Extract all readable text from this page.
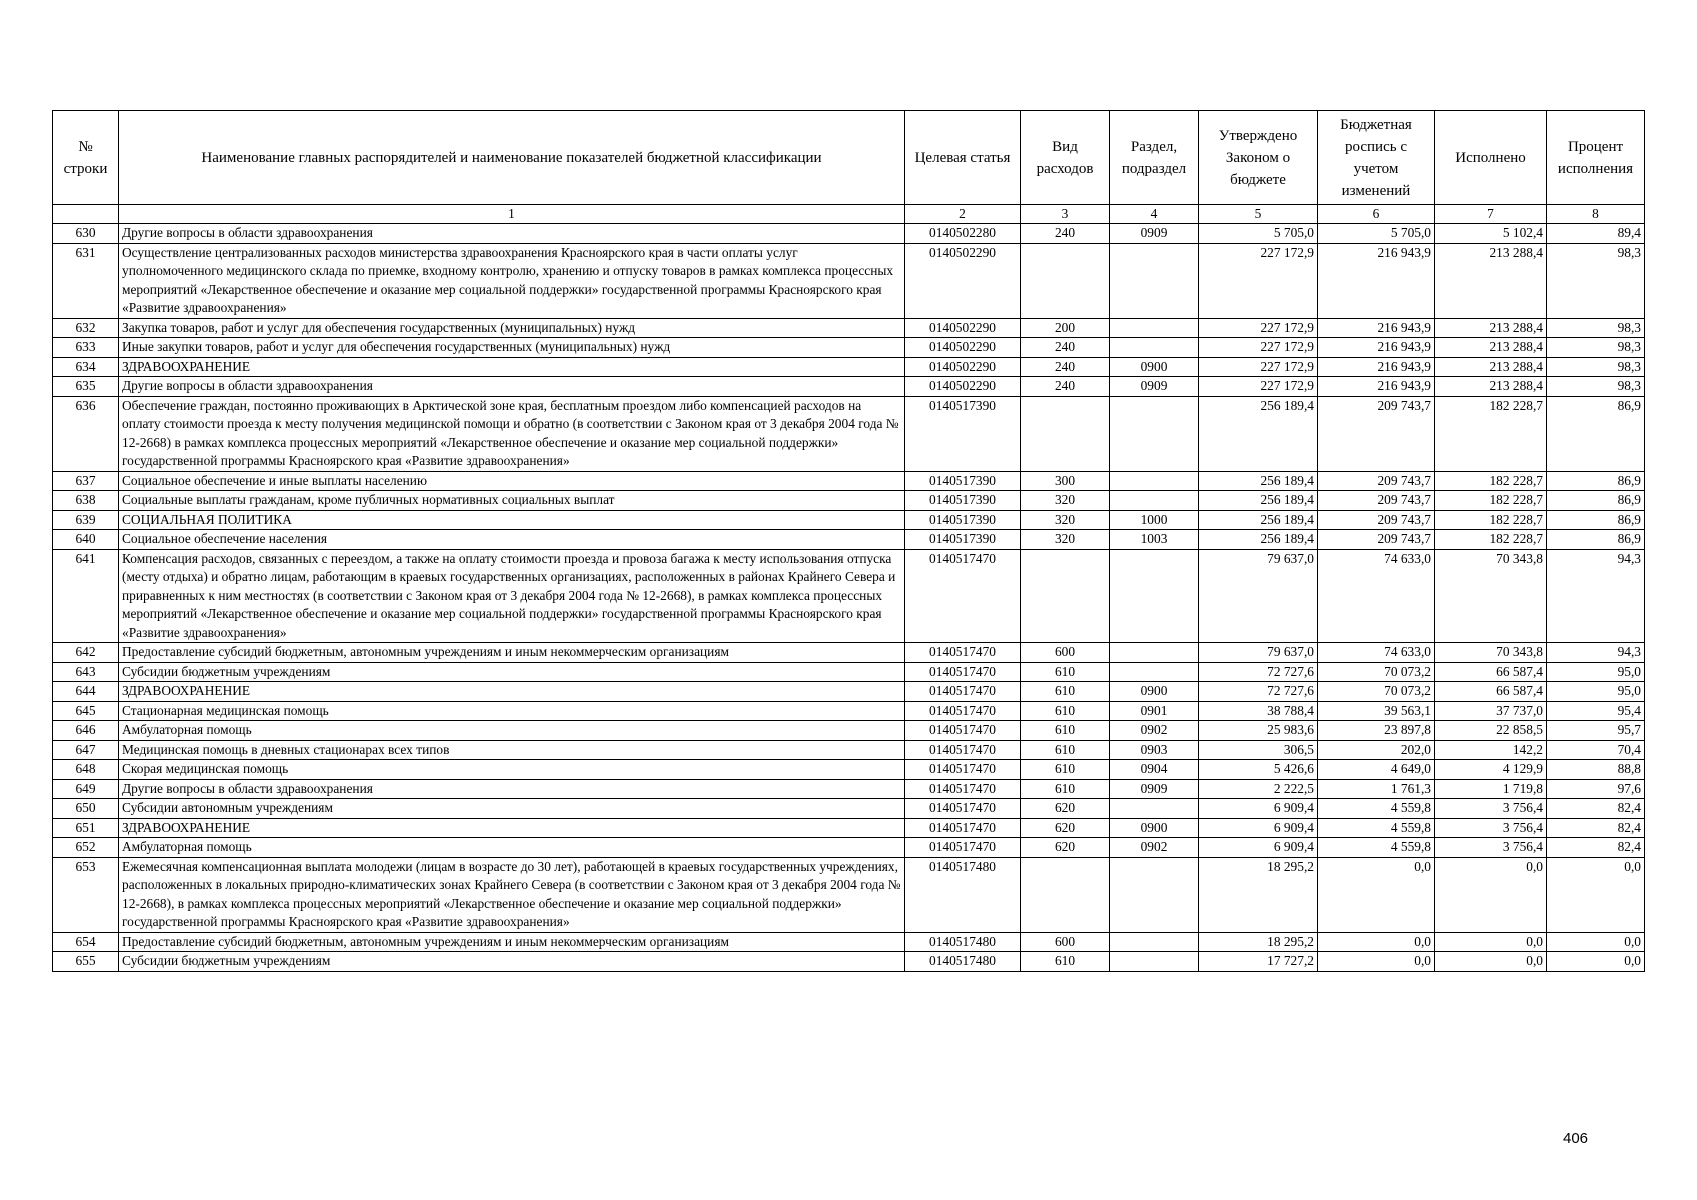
№ строки	Наименование главных распорядителей и наименование показателей бюджетной классификации	Целевая статья	Вид расходов	Раздел, подраздел	Утверждено Законом о бюджете	Бюджетная роспись с учетом изменений	Исполнено	Процент исполнения
	1	2	3	4	5	6	7	8
630	Другие вопросы в области здравоохранения	0140502280	240	0909	5 705,0	5 705,0	5 102,4	89,4
631	Осуществление централизованных расходов министерства здравоохранения Красноярского края в части оплаты услуг уполномоченного медицинского склада по приемке, входному контролю, хранению и отпуску товаров в рамках комплекса процессных мероприятий «Лекарственное обеспечение и оказание мер социальной поддержки» государственной программы Красноярского края «Развитие здравоохранения»	0140502290			227 172,9	216 943,9	213 288,4	98,3
632	Закупка товаров, работ и услуг для обеспечения государственных (муниципальных) нужд	0140502290	200		227 172,9	216 943,9	213 288,4	98,3
633	Иные закупки товаров, работ и услуг для обеспечения государственных (муниципальных) нужд	0140502290	240		227 172,9	216 943,9	213 288,4	98,3
634	ЗДРАВООХРАНЕНИЕ	0140502290	240	0900	227 172,9	216 943,9	213 288,4	98,3
635	Другие вопросы в области здравоохранения	0140502290	240	0909	227 172,9	216 943,9	213 288,4	98,3
636	Обеспечение граждан, постоянно проживающих в Арктической зоне края, бесплатным проездом либо компенсацией расходов на оплату стоимости проезда к месту получения медицинской помощи и обратно (в соответствии с Законом края от 3 декабря 2004 года № 12-2668) в рамках комплекса процессных мероприятий «Лекарственное обеспечение и оказание мер социальной поддержки» государственной программы Красноярского края «Развитие здравоохранения»	0140517390			256 189,4	209 743,7	182 228,7	86,9
637	Социальное обеспечение и иные выплаты населению	0140517390	300		256 189,4	209 743,7	182 228,7	86,9
638	Социальные выплаты гражданам, кроме публичных нормативных социальных выплат	0140517390	320		256 189,4	209 743,7	182 228,7	86,9
639	СОЦИАЛЬНАЯ ПОЛИТИКА	0140517390	320	1000	256 189,4	209 743,7	182 228,7	86,9
640	Социальное обеспечение населения	0140517390	320	1003	256 189,4	209 743,7	182 228,7	86,9
641	Компенсация расходов, связанных с переездом, а также на оплату стоимости проезда и провоза багажа к месту использования отпуска (месту отдыха) и обратно лицам, работающим в краевых государственных организациях, расположенных в районах Крайнего Севера и приравненных к ним местностях (в соответствии с Законом края от 3 декабря 2004 года № 12-2668), в рамках комплекса процессных мероприятий «Лекарственное обеспечение и оказание мер социальной поддержки» государственной программы Красноярского края «Развитие здравоохранения»	0140517470			79 637,0	74 633,0	70 343,8	94,3
642	Предоставление субсидий бюджетным, автономным учреждениям и иным некоммерческим организациям	0140517470	600		79 637,0	74 633,0	70 343,8	94,3
643	Субсидии бюджетным учреждениям	0140517470	610		72 727,6	70 073,2	66 587,4	95,0
644	ЗДРАВООХРАНЕНИЕ	0140517470	610	0900	72 727,6	70 073,2	66 587,4	95,0
645	Стационарная медицинская помощь	0140517470	610	0901	38 788,4	39 563,1	37 737,0	95,4
646	Амбулаторная помощь	0140517470	610	0902	25 983,6	23 897,8	22 858,5	95,7
647	Медицинская помощь в дневных стационарах всех типов	0140517470	610	0903	306,5	202,0	142,2	70,4
648	Скорая медицинская помощь	0140517470	610	0904	5 426,6	4 649,0	4 129,9	88,8
649	Другие вопросы в области здравоохранения	0140517470	610	0909	2 222,5	1 761,3	1 719,8	97,6
650	Субсидии автономным учреждениям	0140517470	620		6 909,4	4 559,8	3 756,4	82,4
651	ЗДРАВООХРАНЕНИЕ	0140517470	620	0900	6 909,4	4 559,8	3 756,4	82,4
652	Амбулаторная помощь	0140517470	620	0902	6 909,4	4 559,8	3 756,4	82,4
653	Ежемесячная компенсационная выплата молодежи (лицам в возрасте до 30 лет), работающей в краевых государственных учреждениях, расположенных в локальных природно-климатических зонах Крайнего Севера (в соответствии с Законом края от 3 декабря 2004 года № 12-2668), в рамках комплекса процессных мероприятий «Лекарственное обеспечение и оказание мер социальной поддержки» государственной программы Красноярского края «Развитие здравоохранения»	0140517480			18 295,2	0,0	0,0	0,0
654	Предоставление субсидий бюджетным, автономным учреждениям и иным некоммерческим организациям	0140517480	600		18 295,2	0,0	0,0	0,0
655	Субсидии бюджетным учреждениям	0140517480	610		17 727,2	0,0	0,0	0,0
406
